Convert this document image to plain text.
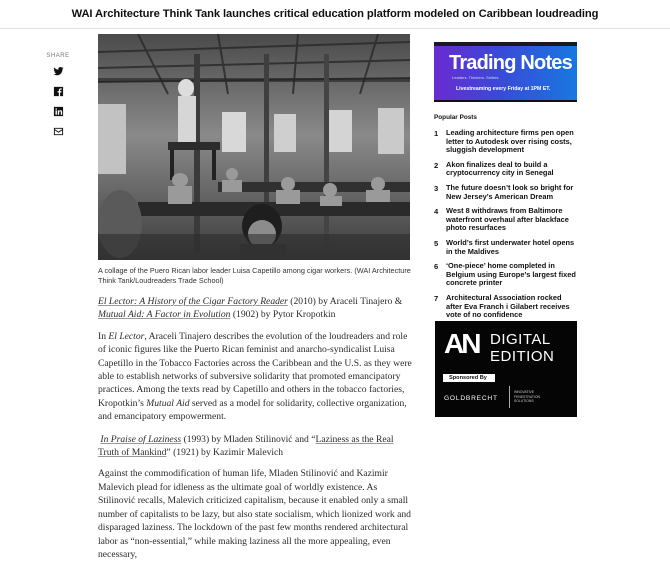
WAI Architecture Think Tank launches critical education platform modeled on Caribbean loudreading
SHARE
A collage of the Puero Rican labor leader Luisa Capetillo among cigar workers. (WAI Architecture Think Tank/Loudreaders Trade School)

El Lector: A History of the Cigar Factory Reader (2010) by Araceli Tinajero & Mutual Aid: A Factor in Evolution (1902) by Pytor Kropotkin

In El Lector, Araceli Tinajero describes the evolution of the loudreaders and role of iconic figures like the Puerto Rican feminist and anarcho-syndicalist Luisa Capetillo in the Tobacco Factories across the Caribbean and the U.S. as they were able to establish networks of subversive solidarity that promoted emancipatory practices. Among the texts read by Capetillo and others in the tobacco factories, Kropotkin’s Mutual Aid served as a model for solidarity, collective organization, and emancipatory empowerment.

In Praise of Laziness (1993) by Mladen Stilinović and “Laziness as the Real Truth of Mankind” (1921) by Kazimir Malevich

Against the commodification of human life, Mladen Stilinović and Kazimir Malevich plead for idleness as the ultimate goal of worldly existence. As Stilinović recalls, Malevich criticized capitalism, because it enabled only a small number of capitalists to be lazy, but also state socialism, which lionized work and disparaged laziness. The lockdown of the past few months rendered architectural labor as “non-essential,” while making laziness all the more appealing, even necessary,

Trading Notes
Leaders. Thinkers. Sellers.
Livestreaming every Friday at 1PM ET.
Popular Posts
1	Leading architecture firms pen open letter to Autodesk over rising costs, sluggish development
2	Akon finalizes deal to build a cryptocurrency city in Senegal
3	The future doesn’t look so bright for New Jersey’s American Dream
4	West 8 withdraws from Baltimore waterfront overhaul after blackface photo resurfaces
5	World’s first underwater hotel opens in the Maldives
6	‘One-piece’ home completed in Belgium using Europe’s largest fixed concrete printer
7	Architectural Association rocked after Eva Franch i Gilabert receives vote of no confidence
AN DIGITAL
EDITION
Sponsored By
GOLDBRECHT
INNOVATIVE FENESTRATION SOLUTIONS
